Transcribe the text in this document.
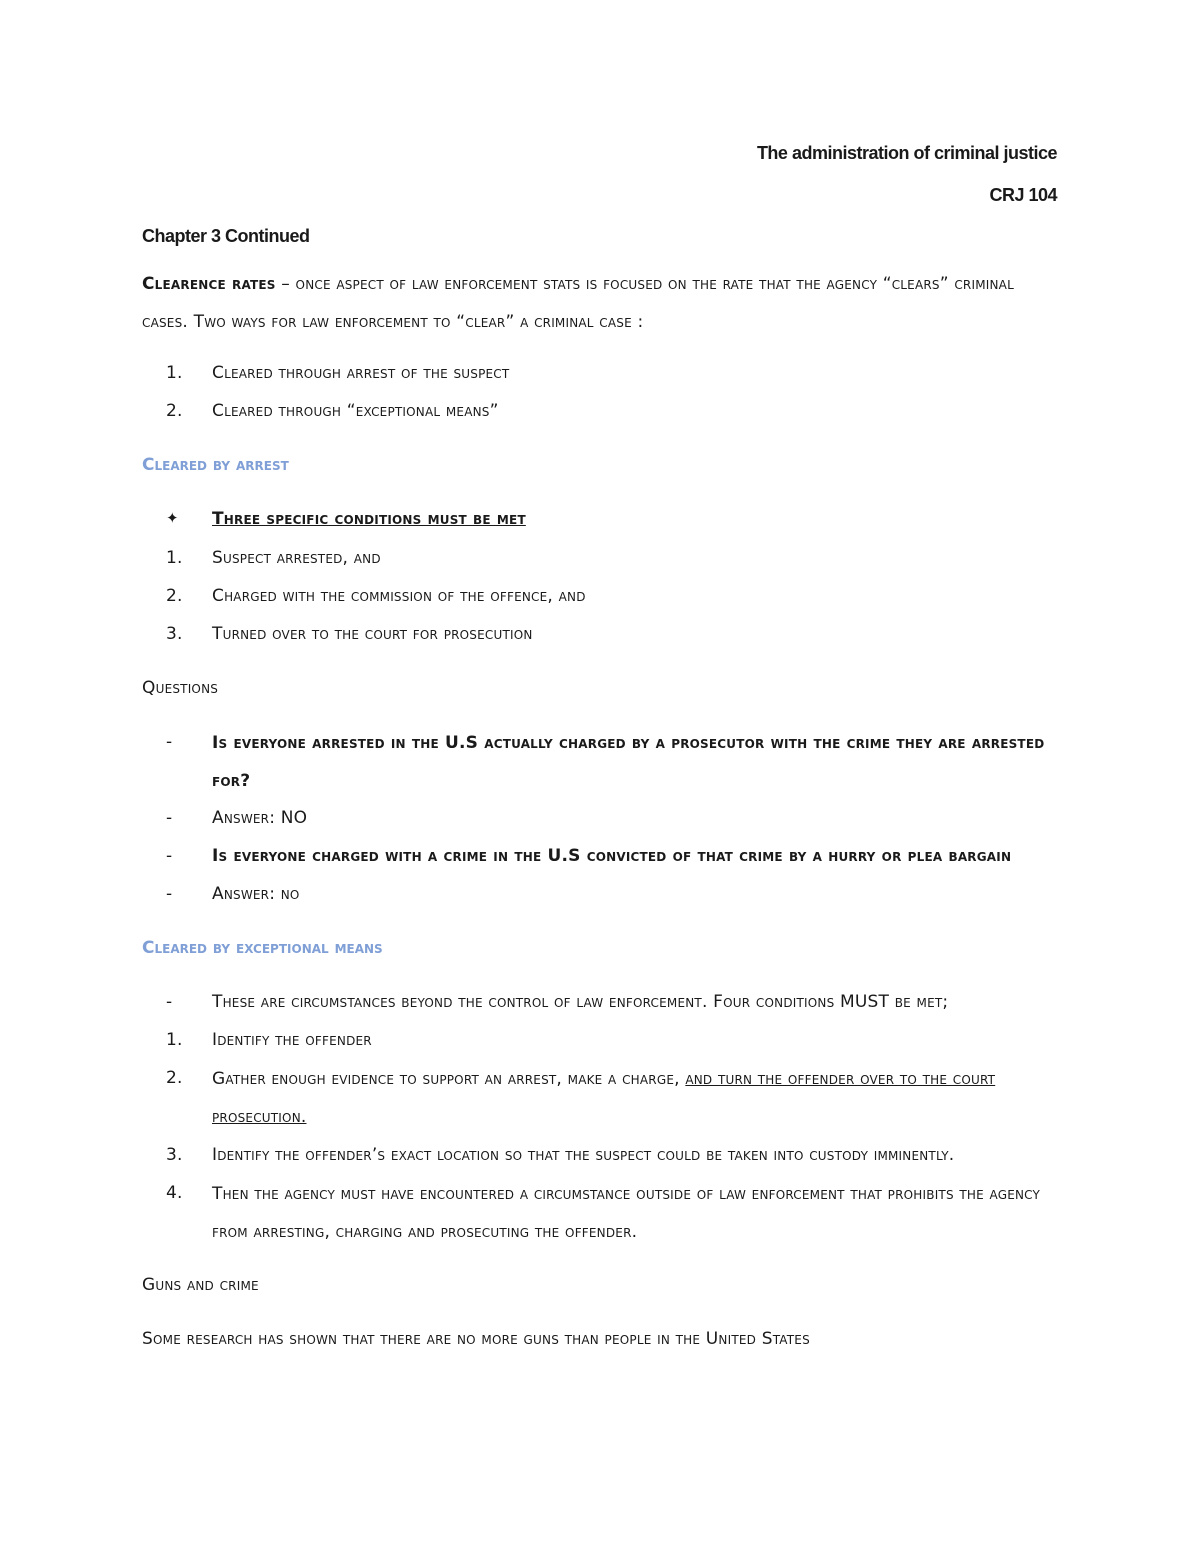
The administration of criminal justice
CRJ 104
Chapter 3 Continued
Clearence rates – once aspect of law enforcement stats is focused on the rate that the agency “clears” criminal cases. Two ways for law enforcement to “clear” a criminal case :
1.	Cleared through arrest of the suspect
2.	Cleared through “exceptional means”
Cleared by arrest
✦	Three specific conditions must be met
1.	Suspect arrested, and
2.	Charged with the commission of the offence, and
3.	Turned over to the court for prosecution
Questions
-	Is everyone arrested in the U.S actually charged by a prosecutor with the crime they are arrested for?
-	Answer: NO
-	Is everyone charged with a crime in the U.S convicted of that crime by a hurry or plea bargain
-	Answer: no
Cleared by exceptional means
-	These are circumstances beyond the control of law enforcement. Four conditions MUST be met;
1.	Identify the offender
2.	Gather enough evidence to support an arrest, make a charge, and turn the offender over to the court prosecution.
3.	Identify the offender’s exact location so that the suspect could be taken into custody imminently.
4.	Then the agency must have encountered a circumstance outside of law enforcement that prohibits the agency from arresting, charging and prosecuting the offender.
Guns and crime
Some research has shown that there are no more guns than people in the United States
